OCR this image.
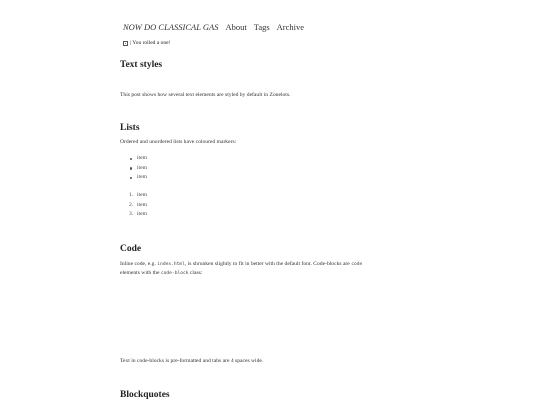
NOW DO CLASSICAL GAS About Tags Archive
| You rolled a one!
Text styles

This post shows how several text elements are styled by default in Zonelots.

Lists

Ordered and unordered lists have coloured markers:

item
item
item
1. item
2. item
3. item
Code

Inline code, e.g. index.html, is shrunken slightly to fit in better with the default font. Code-blocks are code
elements with the code-block class:

Text in code-blocks is pre-formatted and tabs are 4 spaces wide.

Blockquotes
